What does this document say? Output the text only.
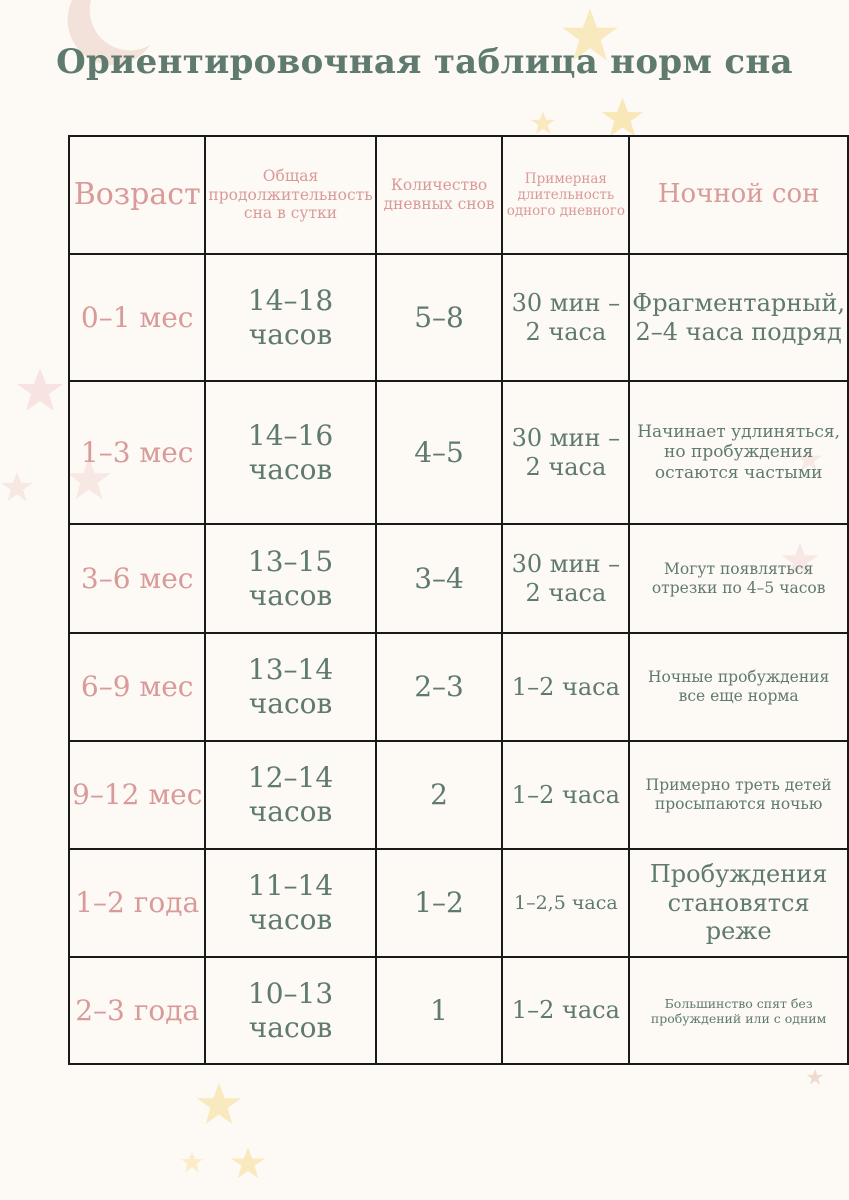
Ориентировочная таблица норм сна
Возраст	Общая продолжительность сна в сутки	Количество дневных снов	Примерная длительность одного дневного	Ночной сон
0–1 мес	14–18 часов	5–8	30 мин – 2 часа	Фрагментарный, 2–4 часа подряд
1–3 мес	14–16 часов	4–5	30 мин – 2 часа	Начинает удлиняться, но пробуждения остаются частыми
3–6 мес	13–15 часов	3–4	30 мин – 2 часа	Могут появляться отрезки по 4–5 часов
6–9 мес	13–14 часов	2–3	1–2 часа	Ночные пробуждения все еще норма
9–12 мес	12–14 часов	2	1–2 часа	Примерно треть детей просыпаются ночью
1–2 года	11–14 часов	1–2	1–2,5 часа	Пробуждения становятся реже
2–3 года	10–13 часов	1	1–2 часа	Большинство спят без пробуждений или с одним
